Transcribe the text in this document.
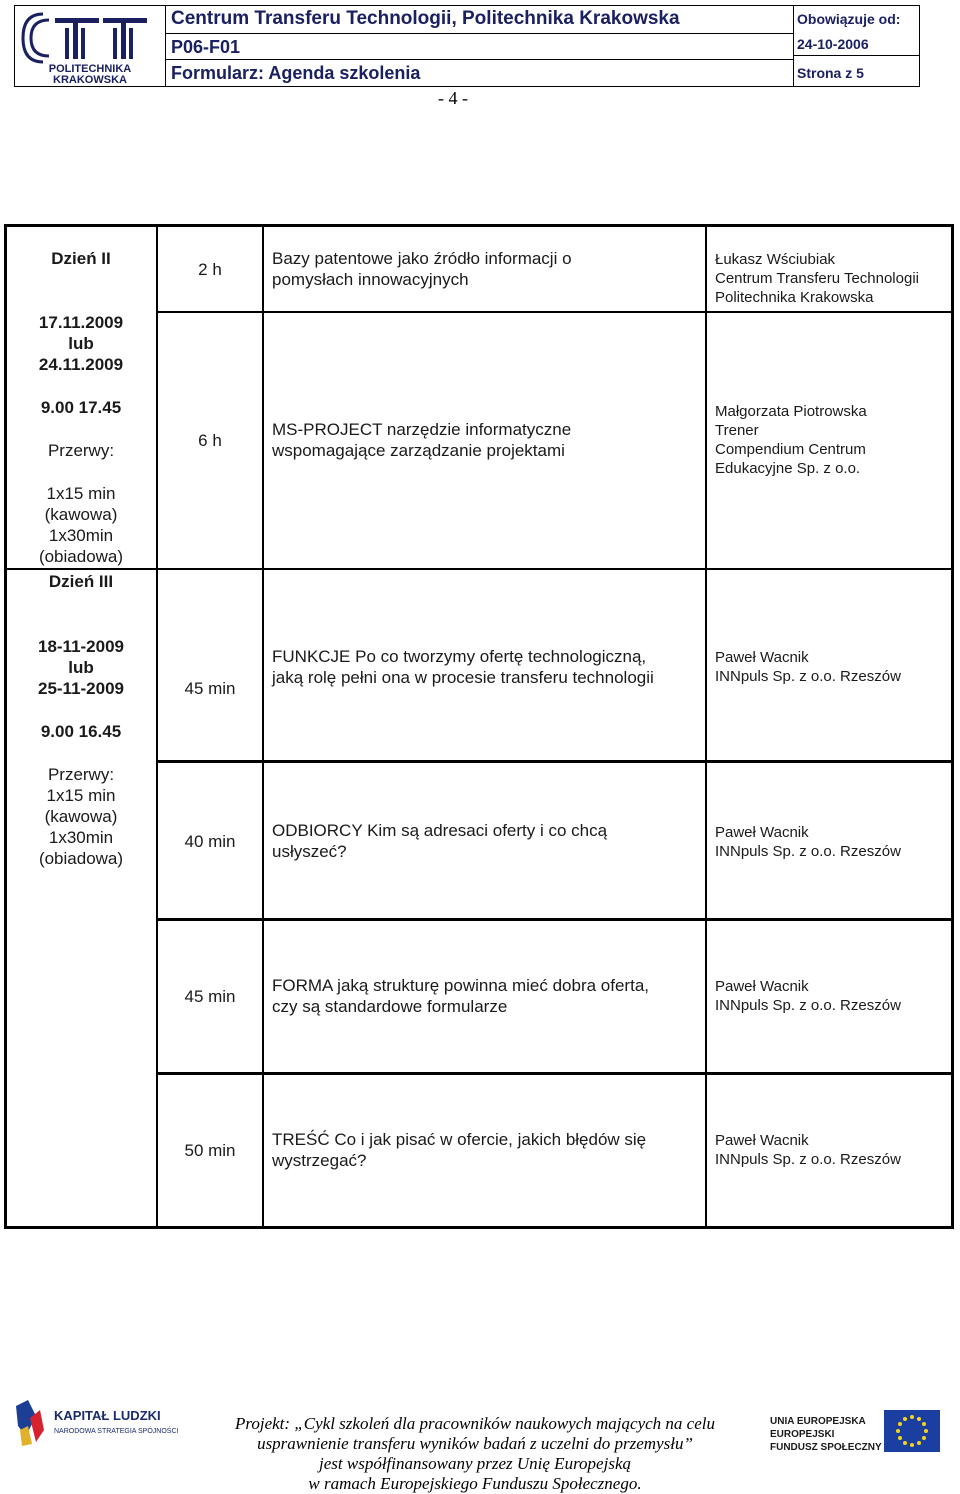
POLITECHNIKA
KRAKOWSKA
Centrum Transferu Technologii, Politechnika Krakowska
P06-F01
Formularz: Agenda szkolenia
Obowiązuje od:
24-10-2006
Strona z 5
- 4 -
Dzień II
17.11.2009
lub
24.11.2009
9.00 17.45
Przerwy:
1x15 min
(kawowa)
1x30min
(obiadowa)
Dzień III
18-11-2009
lub
25-11-2009
9.00 16.45
Przerwy:
1x15 min
(kawowa)
1x30min
(obiadowa)
2 h
Bazy patentowe jako źródło informacji o
pomysłach innowacyjnych
Łukasz Wściubiak
Centrum Transferu Technologii
Politechnika Krakowska
6 h
MS-PROJECT narzędzie informatyczne
wspomagające zarządzanie projektami
Małgorzata Piotrowska
Trener
Compendium Centrum
Edukacyjne Sp. z o.o.
45 min
FUNKCJE Po co tworzymy ofertę technologiczną,
jaką rolę pełni ona w procesie transferu technologii
Paweł Wacnik
INNpuls Sp. z o.o. Rzeszów
40 min
ODBIORCY Kim są adresaci oferty i co chcą
usłyszeć?
Paweł Wacnik
INNpuls Sp. z o.o. Rzeszów
45 min
FORMA jaką strukturę powinna mieć dobra oferta,
czy są standardowe formularze
Paweł Wacnik
INNpuls Sp. z o.o. Rzeszów
50 min
TREŚĆ Co i jak pisać w ofercie, jakich błędów się
wystrzegać?
Paweł Wacnik
INNpuls Sp. z o.o. Rzeszów
KAPITAŁ LUDZKI
NARODOWA STRATEGIA SPÓJNOŚCI	Projekt: „Cykl szkoleń dla pracowników naukowych mających na celu
usprawnienie transferu wyników badań z uczelni do przemysłu”
jest współfinansowany przez Unię Europejską
w ramach Europejskiego Funduszu Społecznego.
UNIA EUROPEJSKA
EUROPEJSKI
FUNDUSZ SPOŁECZNY
